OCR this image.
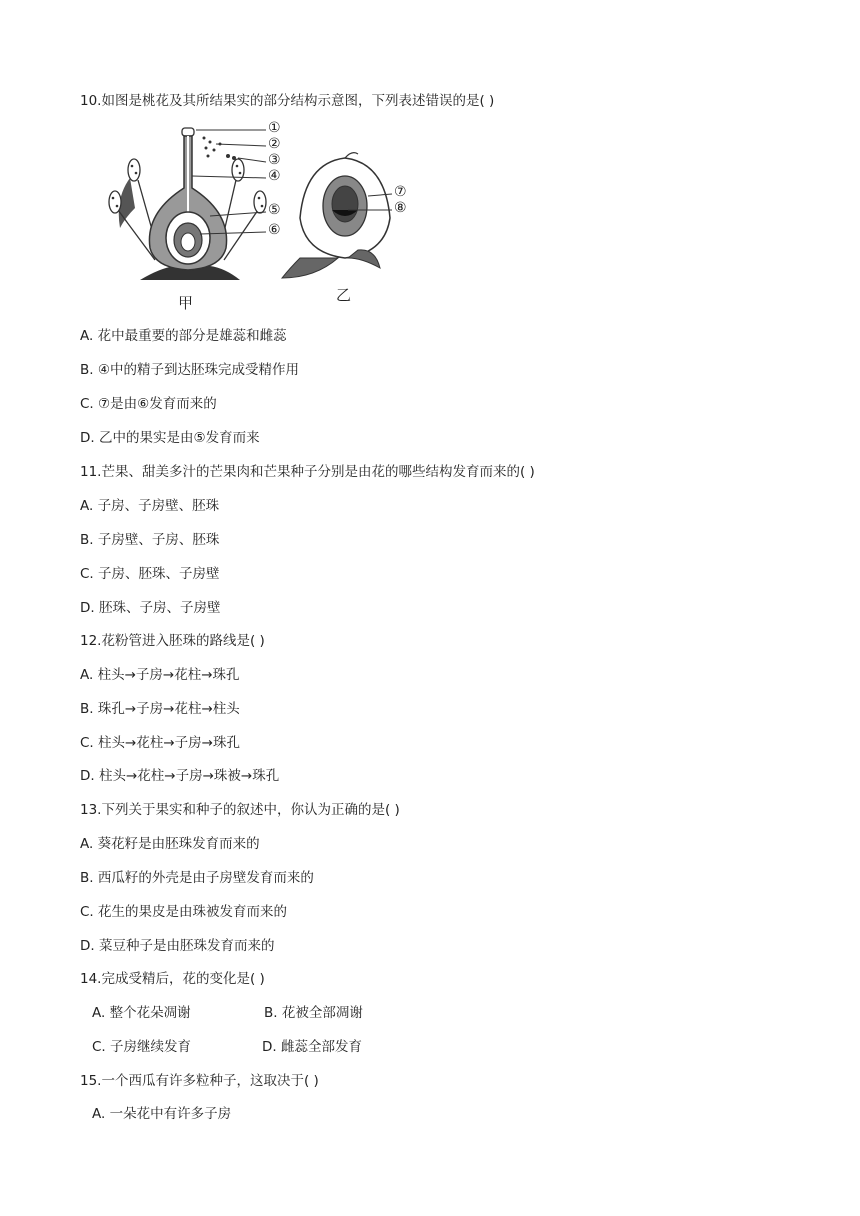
10.如图是桃花及其所结果实的部分结构示意图，下列表述错误的是( )
①
②
③
④
⑤
⑥
⑦
⑧
甲	乙
A. 花中最重要的部分是雄蕊和雌蕊
B. ④中的精子到达胚珠完成受精作用
C. ⑦是由⑥发育而来的
D. 乙中的果实是由⑤发育而来
11.芒果、甜美多汁的芒果肉和芒果种子分别是由花的哪些结构发育而来的( )
A. 子房、子房壁、胚珠
B. 子房壁、子房、胚珠
C. 子房、胚珠、子房壁
D. 胚珠、子房、子房壁
12.花粉管进入胚珠的路线是( )
A. 柱头→子房→花柱→珠孔
B. 珠孔→子房→花柱→柱头
C. 柱头→花柱→子房→珠孔
D. 柱头→花柱→子房→珠被→珠孔
13.下列关于果实和种子的叙述中，你认为正确的是( )
A. 葵花籽是由胚珠发育而来的
B. 西瓜籽的外壳是由子房壁发育而来的
C. 花生的果皮是由珠被发育而来的
D. 菜豆种子是由胚珠发育而来的
14.完成受精后，花的变化是( )
A. 整个花朵凋谢	B. 花被全部凋谢
C. 子房继续发育	D. 雌蕊全部发育
15.一个西瓜有许多粒种子，这取决于( )
A. 一朵花中有许多子房
